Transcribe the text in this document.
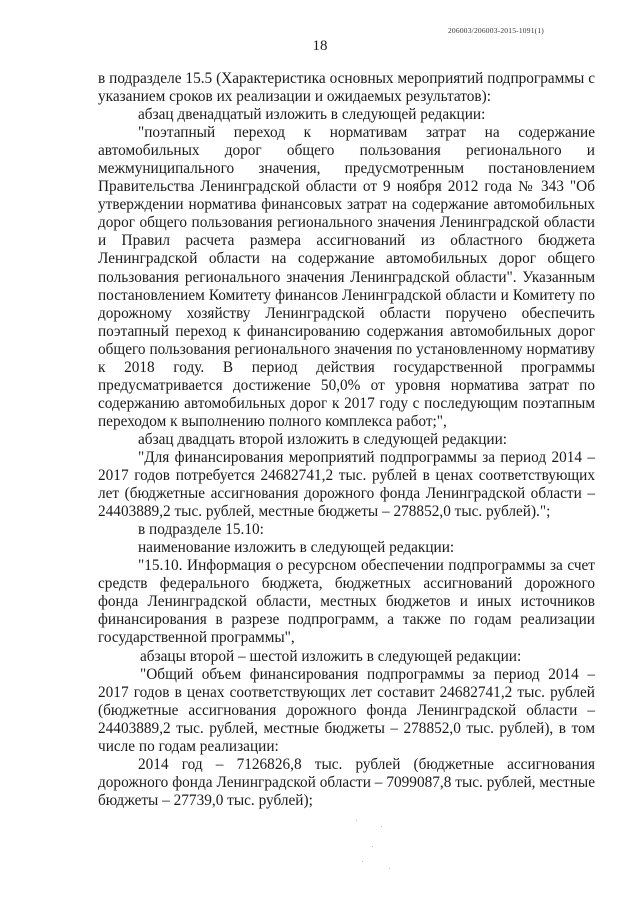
206003/206003-2015-1091(1)
18

в подразделе 15.5 (Характеристика основных мероприятий подпрограммы с указанием сроков их реализации и ожидаемых результатов):

абзац двенадцатый изложить в следующей редакции:

"поэтапный переход к нормативам затрат на содержание автомобильных дорог общего пользования регионального и межмуниципального значения, предусмотренным постановлением Правительства Ленинградской области от 9 ноября 2012 года № 343 "Об утверждении норматива финансовых затрат на содержание автомобильных дорог общего пользования регионального значения Ленинградской области и Правил расчета размера ассигнований из областного бюджета Ленинградской области на содержание автомобильных дорог общего пользования регионального значения Ленинградской области". Указанным постановлением Комитету финансов Ленинградской области и Комитету по дорожному хозяйству Ленинградской области поручено обеспечить поэтапный переход к финансированию содержания автомобильных дорог общего пользования регионального значения по установленному нормативу к 2018 году. В период действия государственной программы предусматривается достижение 50,0% от уровня норматива затрат по содержанию автомобильных дорог к 2017 году с последующим поэтапным переходом к выполнению полного комплекса работ;",

абзац двадцать второй изложить в следующей редакции:

"Для финансирования мероприятий подпрограммы за период 2014 – 2017 годов потребуется 24682741,2 тыс. рублей в ценах соответствующих лет (бюджетные ассигнования дорожного фонда Ленинградской области – 24403889,2 тыс. рублей, местные бюджеты – 278852,0 тыс. рублей).";

в подразделе 15.10:

наименование изложить в следующей редакции:

"15.10. Информация о ресурсном обеспечении подпрограммы за счет средств федерального бюджета, бюджетных ассигнований дорожного фонда Ленинградской области, местных бюджетов и иных источников финансирования в разрезе подпрограмм, а также по годам реализации государственной программы",

абзацы второй – шестой изложить в следующей редакции:

"Общий объем финансирования подпрограммы за период 2014 – 2017 годов в ценах соответствующих лет составит 24682741,2 тыс. рублей (бюджетные ассигнования дорожного фонда Ленинградской области – 24403889,2 тыс. рублей, местные бюджеты – 278852,0 тыс. рублей), в том числе по годам реализации:

2014 год – 7126826,8 тыс. рублей (бюджетные ассигнования дорожного фонда Ленинградской области – 7099087,8 тыс. рублей, местные бюджеты – 27739,0 тыс. рублей);
